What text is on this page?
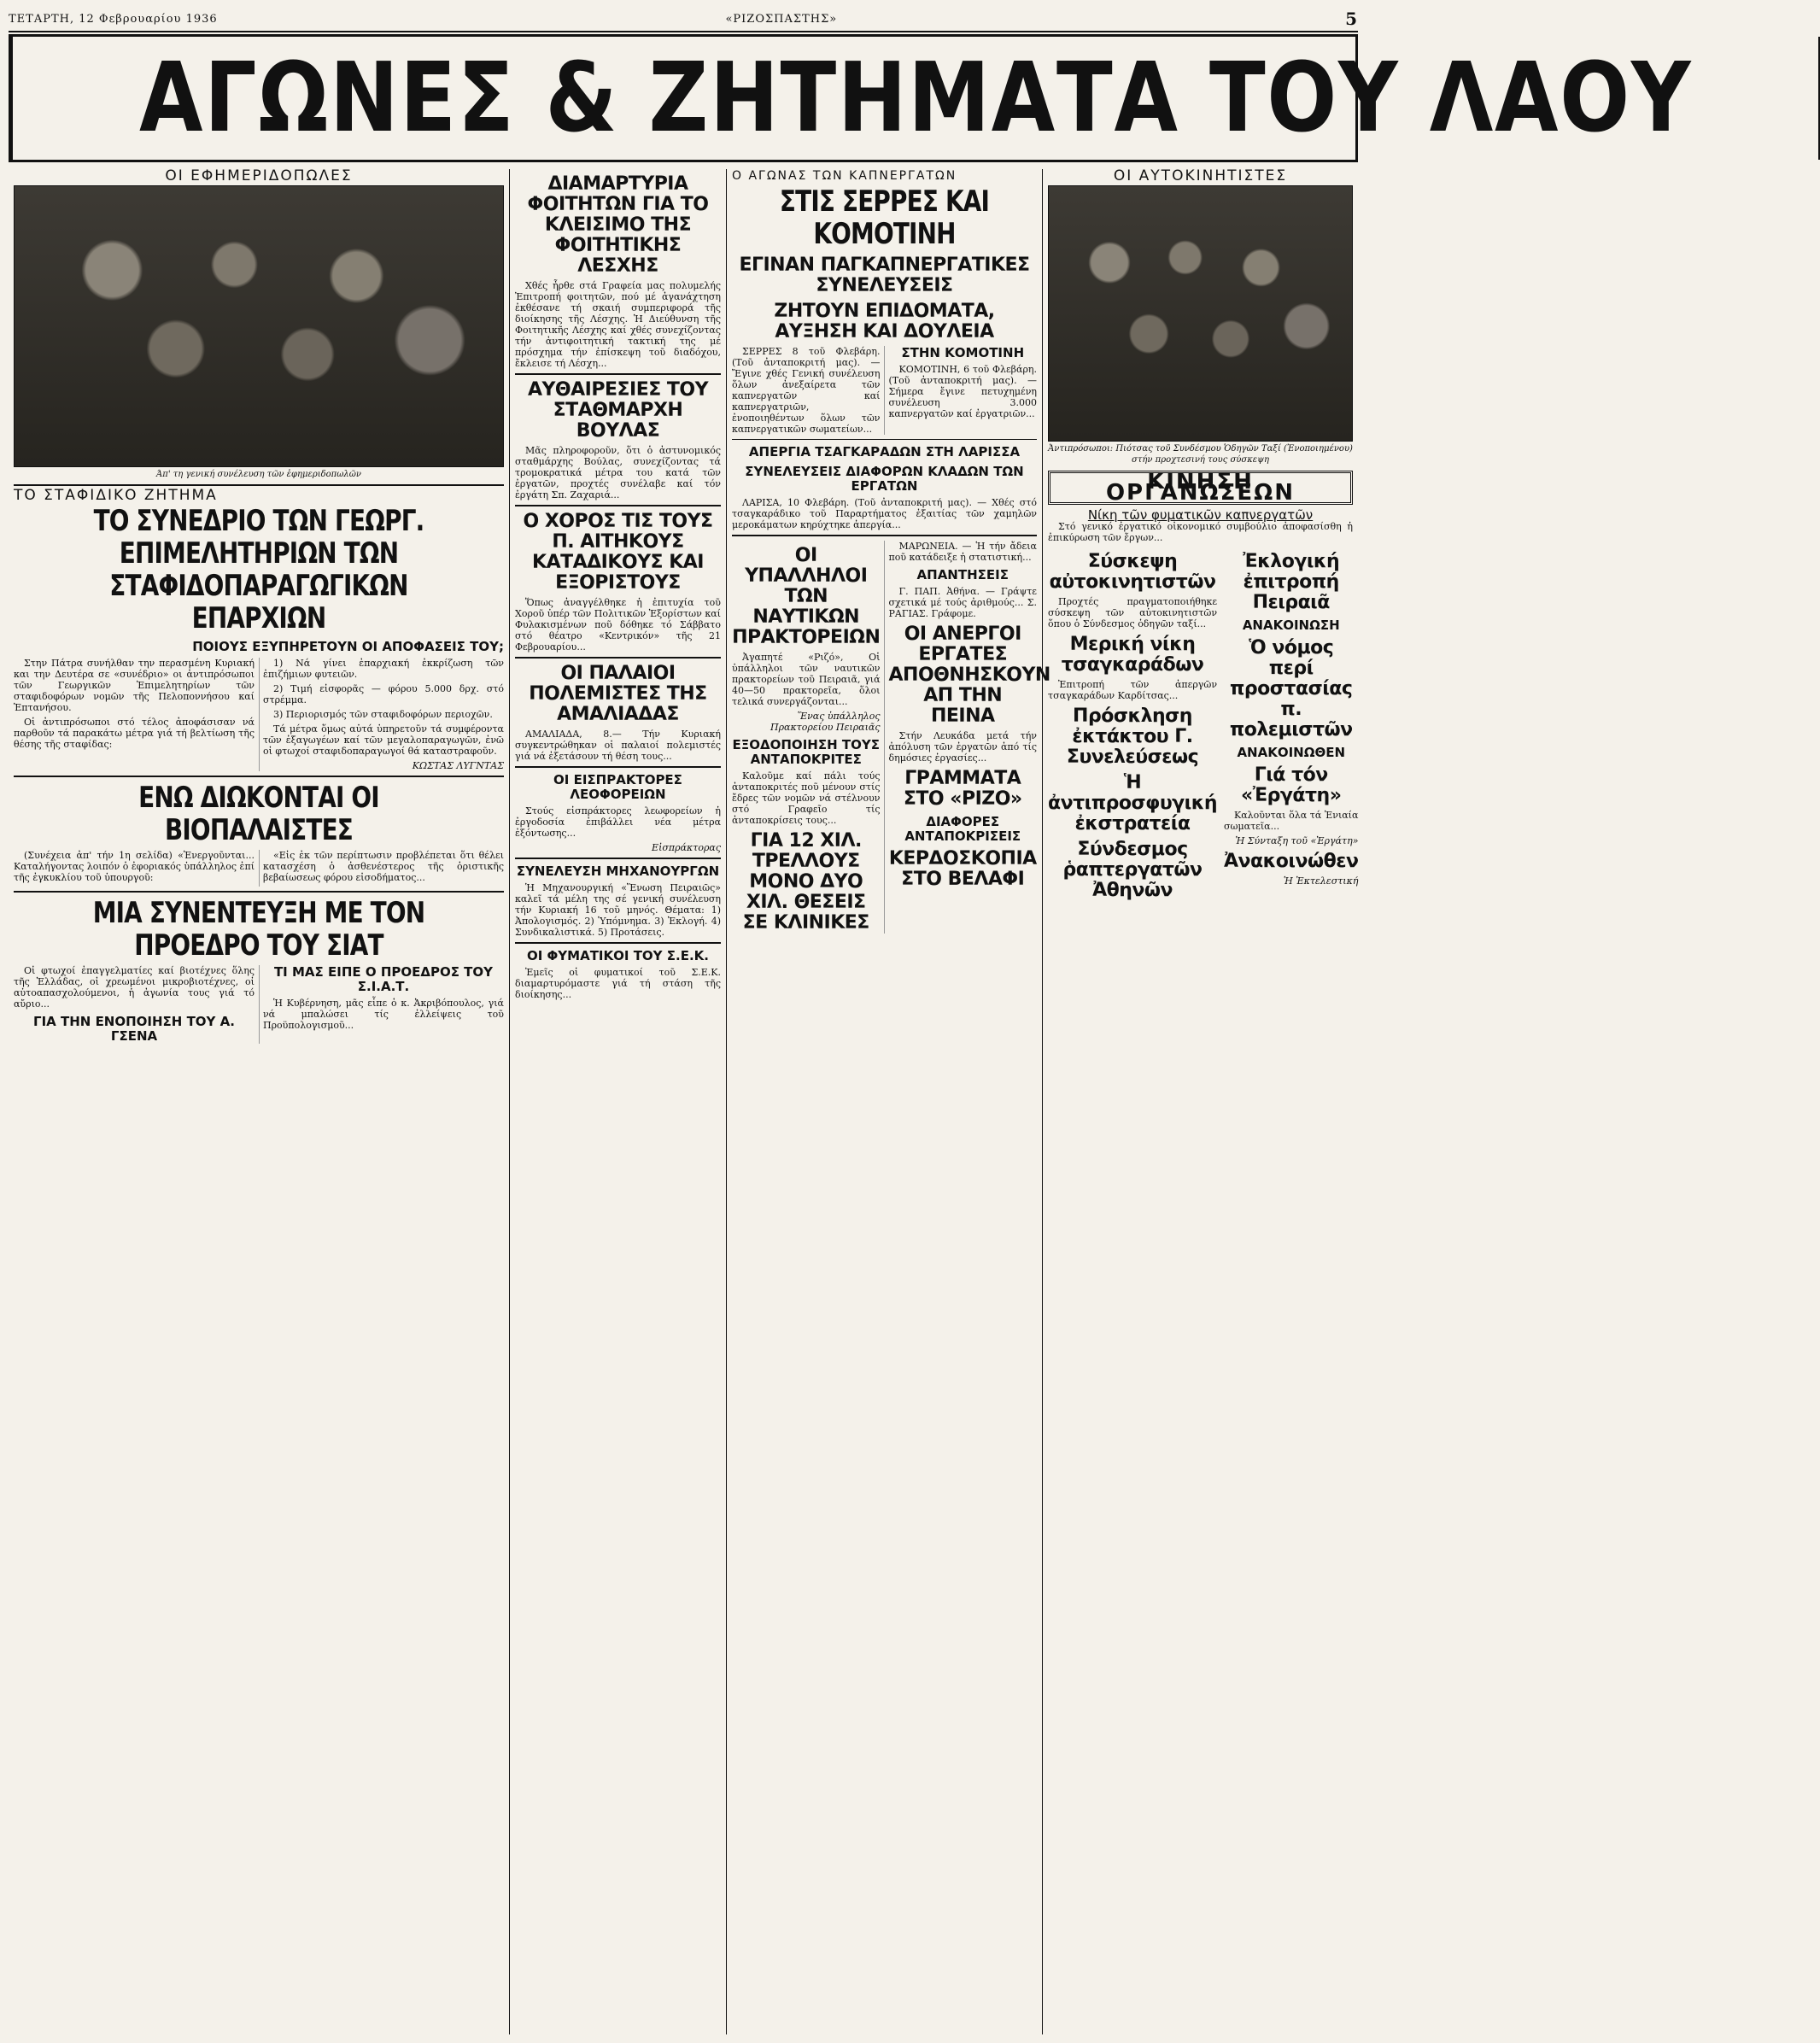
ΤΕΤΑΡΤΗ, 12 Φεβρουαρίου 1936	«ΡΙΖΟΣΠΑΣΤΗΣ»	5
ΑΓΩΝΕΣ & ΖΗΤΗΜΑΤΑ ΤΟΥ ΛΑΟΥ
ΟΙ ΕΦΗΜΕΡΙΔΟΠΩΛΕΣ
Άπ' τη γενική συνέλευση τῶν ἐφημεριδοπωλῶν
ΤΟ ΣΤΑΦΙΔΙΚΟ ΖΗΤΗΜΑ
ΤΟ ΣΥΝΕΔΡΙΟ ΤΩΝ ΓΕΩΡΓ. ΕΠΙΜΕΛΗΤΗΡΙΩΝ ΤΩΝ ΣΤΑΦΙΔΟΠΑΡΑΓΩΓΙΚΩΝ ΕΠΑΡΧΙΩΝ
ΠΟΙΟΥΣ ΕΞΥΠΗΡΕΤΟΥΝ ΟΙ ΑΠΟΦΑΣΕΙΣ ΤΟΥ;

Στην Πάτρα συνήλθαν την περασμένη Κυριακή και την Δευτέρα σε «συνέδριο» οι ἀντιπρόσωποι τῶν Γεωργικῶν Ἐπιμελητηρίων τῶν σταφιδοφόρων νομῶν τῆς Πελοποννήσου καί Ἑπτανήσου.

Οἱ ἀντιπρόσωποι στό τέλος ἀποφάσισαν νά παρθοῦν τά παρακάτω μέτρα γιά τή βελτίωση τῆς θέσης τῆς σταφίδας:

1) Νά γίνει ἐπαρχιακή ἐκκρίζωση τῶν ἐπιζήμιων φυτειῶν.

2) Τιμή εἰσφορᾶς — φόρου 5.000 δρχ. στό στρέμμα.

3) Περιορισμός τῶν σταφιδοφόρων περιοχῶν.

Τά μέτρα ὅμως αὐτά ὑπηρετοῦν τά συμφέροντα τῶν ἐξαγωγέων καί τῶν μεγαλοπαραγωγῶν, ἐνῶ οἱ φτωχοί σταφιδοπαραγωγοί θά καταστραφοῦν.

ΚΩΣΤΑΣ ΛΥΓΝΤΑΣ
ΕΝΩ ΔΙΩΚΟΝΤΑΙ ΟΙ ΒΙΟΠΑΛΑΙΣΤΕΣ

(Συνέχεια ἀπ' τήν 1η σελίδα) «Ἐνεργοῦνται... Καταλήγοντας λοιπόν ὁ ἐφοριακός ὑπάλληλος ἐπί τῆς ἐγκυκλίου τοῦ ὑπουργοῦ:

«Εἰς ἐκ τῶν περίπτωσιν προβλέπεται ὅτι θέλει κατασχέση ὁ ἀσθενέστερος τῆς ὁριστικῆς βεβαίωσεως φόρου εἰσοδήματος...

ΜΙΑ ΣΥΝΕΝΤΕΥΞΗ ΜΕ ΤΟΝ ΠΡΟΕΔΡΟ ΤΟΥ ΣΙΑΤ

Οἱ φτωχοί ἐπαγγελματίες καί βιοτέχνες ὅλης τῆς Ἑλλάδας, οἱ χρεωμένοι μικροβιοτέχνες, οἱ αὐτοαπασχολούμενοι, ἡ ἀγωνία τους γιά τό αὔριο...

ΓΙΑ ΤΗΝ ΕΝΟΠΟΙΗΣΗ ΤΟΥ Α. ΓΣΕΝΑ
ΤΙ ΜΑΣ ΕΙΠΕ Ο ΠΡΟΕΔΡΟΣ ΤΟΥ Σ.Ι.Α.Τ.

Ἡ Κυβέρνηση, μᾶς εἶπε ὁ κ. Ἀκριβόπουλος, γιά νά μπαλώσει τίς ἐλλείψεις τοῦ Προϋπολογισμοῦ...

ΔΙΑΜΑΡΤΥΡΙΑ ΦΟΙΤΗΤΩΝ ΓΙΑ ΤΟ ΚΛΕΙΣΙΜΟ ΤΗΣ ΦΟΙΤΗΤΙΚΗΣ ΛΕΣΧΗΣ

Χθές ἦρθε στά Γραφεία μας πολυμελής Ἐπιτροπή φοιτητῶν, πού μέ ἀγανάχτηση ἐκθέσανε τή σκαιή συμπεριφορά τῆς διοίκησης τῆς Λέσχης. Ἡ Διεύθυνση τῆς Φοιτητικῆς Λέσχης καί χθές συνεχίζοντας τήν ἀντιφοιτητική τακτική της μέ πρόσχημα τήν ἐπίσκεψη τοῦ διαδόχου, ἔκλεισε τή Λέσχη...

ΑΥΘΑΙΡΕΣΙΕΣ ΤΟΥ ΣΤΑΘΜΑΡΧΗ ΒΟΥΛΑΣ

Μᾶς πληροφοροῦν, ὅτι ὁ ἀστυνομικός σταθμάρχης Βούλας, συνεχίζοντας τά τρομοκρατικά μέτρα του κατά τῶν ἐργατῶν, προχτές συνέλαβε καί τόν ἐργάτη Σπ. Ζαχαριά...

Ο ΧΟΡΟΣ ΤΙΣ ΤΟΥΣ Π. ΑΙΤΗΚΟΥΣ ΚΑΤΑΔΙΚΟΥΣ ΚΑΙ ΕΞΟΡΙΣΤΟΥΣ

Ὅπως ἀναγγέλθηκε ἡ ἐπιτυχία τοῦ Χοροῦ ὑπέρ τῶν Πολιτικῶν Ἐξορίστων καί Φυλακισμένων ποῦ δόθηκε τό Σάββατο στό θέατρο «Κεντρικόν» τῆς 21 Φεβρουαρίου...

ΟΙ ΠΑΛΑΙΟΙ ΠΟΛΕΜΙΣΤΕΣ ΤΗΣ ΑΜΑΛΙΑΔΑΣ

ΑΜΑΛΙΑΔΑ, 8.— Τήν Κυριακή συγκεντρώθηκαν οἱ παλαιοί πολεμιστές γιά νά ἐξετάσουν τή θέση τους...

ΟΙ ΕΙΣΠΡΑΚΤΟΡΕΣ ΛΕΟΦΟΡΕΙΩΝ

Στούς εἰσπράκτορες λεωφορείων ἡ ἐργοδοσία ἐπιβάλλει νέα μέτρα ἐξόντωσης...

Εἰσπράκτορας
ΣΥΝΕΛΕΥΣΗ ΜΗΧΑΝΟΥΡΓΩΝ

Ἡ Μηχανουργική «Ἕνωση Πειραιῶς» καλεῖ τά μέλη της σέ γενική συνέλευση τήν Κυριακή 16 τοῦ μηνός. Θέματα: 1) Ἀπολογισμός. 2) Ὑπόμνημα. 3) Ἐκλογή. 4) Συνδικαλιστικά. 5) Προτάσεις.

ΟΙ ΦΥΜΑΤΙΚΟΙ ΤΟΥ Σ.Ε.Κ.

Ἐμεῖς οἱ φυματικοί τοῦ Σ.Ε.Κ. διαμαρτυρόμαστε γιά τή στάση τῆς διοίκησης...

Ο ΑΓΩΝΑΣ ΤΩΝ ΚΑΠΝΕΡΓΑΤΩΝ
ΣΤΙΣ ΣΕΡΡΕΣ ΚΑΙ ΚΟΜΟΤΙΝΗ
ΕΓΙΝΑΝ ΠΑΓΚΑΠΝΕΡΓΑΤΙΚΕΣ ΣΥΝΕΛΕΥΣΕΙΣ
ΖΗΤΟΥΝ ΕΠΙΔΟΜΑΤΑ, ΑΥΞΗΣΗ ΚΑΙ ΔΟΥΛΕΙΑ

ΣΕΡΡΕΣ 8 τοῦ Φλεβάρη. (Τοῦ ἀνταποκριτή μας). — Ἔγινε χθές Γενική συνέλευση ὅλων ἀνεξαίρετα τῶν καπνεργατῶν καί καπνεργατριῶν, ἐνοποιηθέντων ὅλων τῶν καπνεργατικῶν σωματείων...

ΣΤΗΝ ΚΟΜΟΤΙΝΗ

ΚΟΜΟΤΙΝΗ, 6 τοῦ Φλεβάρη. (Τοῦ ἀνταποκριτή μας). — Σήμερα ἔγινε πετυχημένη συνέλευση 3.000 καπνεργατῶν καί ἐργατριῶν...

ΑΠΕΡΓΙΑ ΤΣΑΓΚΑΡΑΔΩΝ ΣΤΗ ΛΑΡΙΣΣΑ
ΣΥΝΕΛΕΥΣΕΙΣ ΔΙΑΦΟΡΩΝ ΚΛΑΔΩΝ ΤΩΝ ΕΡΓΑΤΩΝ

ΛΑΡΙΣΑ, 10 Φλεβάρη. (Τοῦ ἀνταποκριτή μας). — Χθές στό τσαγκαράδικο τοῦ Παραρτήματος ἐξαιτίας τῶν χαμηλῶν μεροκάματων κηρύχτηκε ἀπεργία...

ΟΙ ΥΠΑΛΛΗΛΟΙ ΤΩΝ ΝΑΥΤΙΚΩΝ ΠΡΑΚΤΟΡΕΙΩΝ

Ἀγαπητέ «Ριζό», Οἱ ὑπάλληλοι τῶν ναυτικῶν πρακτορείων τοῦ Πειραιᾶ, γιά 40—50 πρακτορεῖα, ὅλοι τελικά συνεργάζονται...

Ἕνας ὑπάλληλος Πρακτορείου Πειραιᾶς
ΕΞΟΔΟΠΟΙΗΣΗ ΤΟΥΣ ΑΝΤΑΠΟΚΡΙΤΕΣ

Καλοῦμε καί πάλι τούς ἀνταποκριτές ποῦ μένουν στίς ἔδρες τῶν νομῶν νά στέλνουν στό Γραφεῖο τίς ἀνταποκρίσεις τους...

ΓΙΑ 12 ΧΙΛ. ΤΡΕΛΛΟΥΣ ΜΟΝΟ ΔΥΟ ΧΙΛ. ΘΕΣΕΙΣ ΣΕ ΚΛΙΝΙΚΕΣ

ΜΑΡΩΝΕΙΑ. — Ἡ τήν ἄδεια ποῦ κατάδειξε ἡ στατιστική...

ΑΠΑΝΤΗΣΕΙΣ

Γ. ΠΑΠ. Ἀθήνα. — Γράψτε σχετικά μέ τούς ἀριθμούς... Σ. ΡΑΓΙΑΣ. Γράφομε.

ΟΙ ΑΝΕΡΓΟΙ ΕΡΓΑΤΕΣ ΑΠΟΘΝΗΣΚΟΥΝ ΑΠ ΤΗΝ ΠΕΙΝΑ

Στήν Λευκάδα μετά τήν ἀπόλυση τῶν ἐργατῶν ἀπό τίς δημόσιες ἐργασίες...

ΓΡΑΜΜΑΤΑ ΣΤΟ «ΡΙΖΟ»
ΔΙΑΦΟΡΕΣ ΑΝΤΑΠΟΚΡΙΣΕΙΣ
ΚΕΡΔΟΣΚΟΠΙΑ ΣΤΟ ΒΕΛΑΦΙ
ΟΙ ΑΥΤΟΚΙΝΗΤΙΣΤΕΣ
Ἀντιπρόσωποι: Πιότσας τοῦ Συνδέσμου Ὁδηγῶν Ταξί (Ἐνοποιημένου) στήν προχτεσινή τους σύσκεψη
ΚΙΝΗΣΗ ΟΡΓΑΝΩΣΕΩΝ
Νίκη τῶν φυματικῶν καπνεργατῶν

Στό γενικό ἐργατικό οἰκονομικό συμβούλιο ἀποφασίσθη ἡ ἐπικύρωση τῶν ἔργων...

Σύσκεψη αὐτοκινητιστῶν

Προχτές πραγματοποιήθηκε σύσκεψη τῶν αὐτοκινητιστῶν ὅπου ὁ Σύνδεσμος ὁδηγῶν ταξί...

Μερική νίκη τσαγκαράδων

Ἐπιτροπή τῶν ἀπεργῶν τσαγκαράδων Καρδίτσας...

Πρόσκληση ἐκτάκτου Γ. Συνελεύσεως
Ἡ ἀντιπροσφυγική ἐκστρατεία
Σύνδεσμος ῥαπτεργατῶν Ἀθηνῶν
Ἐκλογική ἐπιτροπή Πειραιᾶ
ΑΝΑΚΟΙΝΩΣΗ
Ὁ νόμος περί προστασίας π. πολεμιστῶν
ΑΝΑΚΟΙΝΩΘΕΝ
Γιά τόν «Ἐργάτη»

Καλοῦνται ὅλα τά Ἐνιαία σωματεῖα...

Ἡ Σύνταξη τοῦ «Ἐργάτη»
Ἀνακοινώθεν
Ἡ Ἐκτελεστική
